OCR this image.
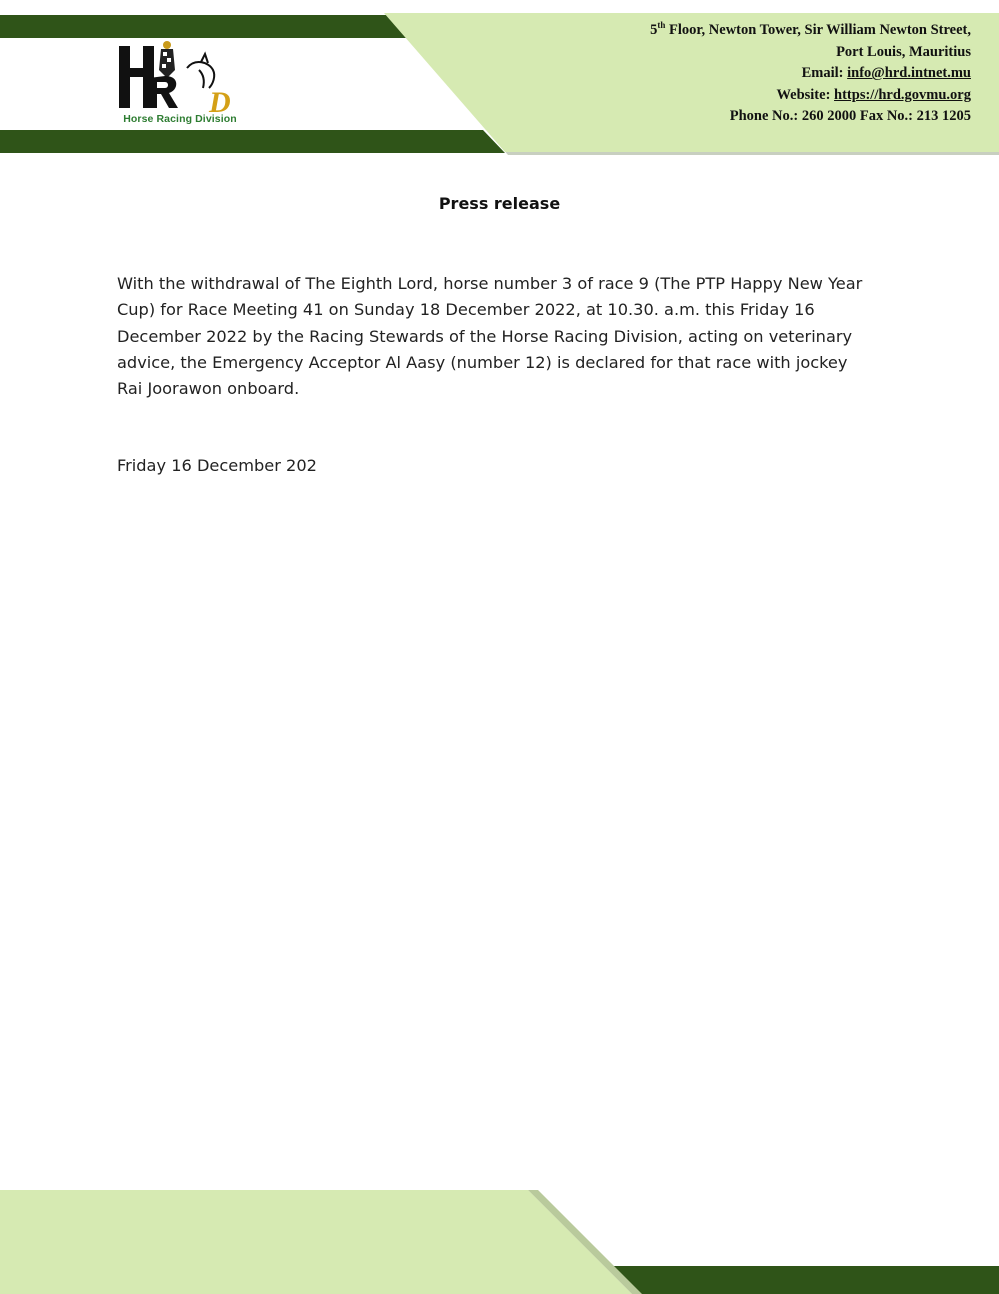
D
Horse Racing Division
5th Floor, Newton Tower, Sir William Newton Street,
Port Louis, Mauritius
Email: info@hrd.intnet.mu
Website: https://hrd.govmu.org
Phone No.: 260 2000 Fax No.: 213 1205
Press release

With the withdrawal of The Eighth Lord, horse number 3 of race 9 (The PTP Happy New Year Cup) for Race Meeting 41 on Sunday 18 December 2022, at 10.30. a.m. this Friday 16 December 2022 by the Racing Stewards of the Horse Racing Division, acting on veterinary advice, the Emergency Acceptor Al Aasy (number 12) is declared for that race with jockey Rai Joorawon onboard.

Friday 16 December 202
